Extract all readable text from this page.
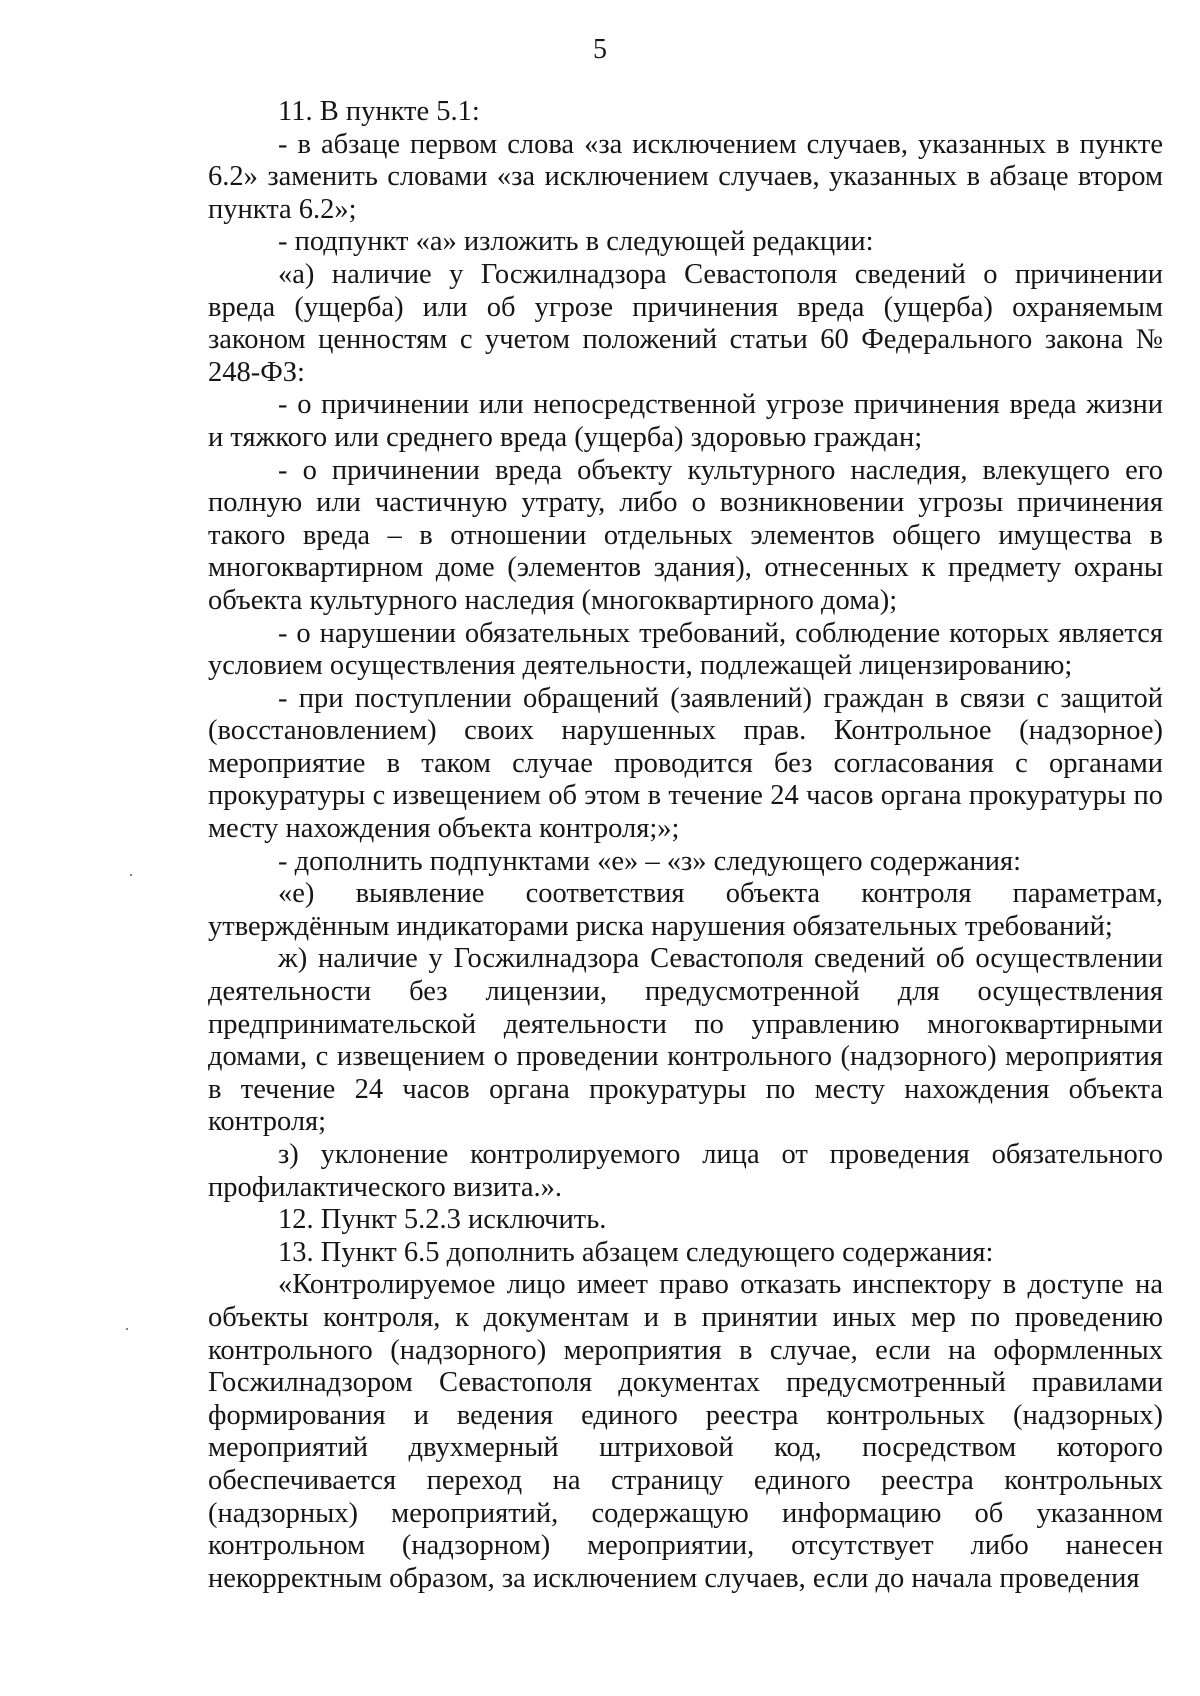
5

11. В пункте 5.1:

- в абзаце первом слова «за исключением случаев, указанных в пункте 6.2» заменить словами «за исключением случаев, указанных в абзаце втором пункта 6.2»;

- подпункт «а» изложить в следующей редакции:

«а) наличие у Госжилнадзора Севастополя сведений о причинении вреда (ущерба) или об угрозе причинения вреда (ущерба) охраняемым законом ценностям с учетом положений статьи 60 Федерального закона № 248-ФЗ:

- о причинении или непосредственной угрозе причинения вреда жизни и тяжкого или среднего вреда (ущерба) здоровью граждан;

- о причинении вреда объекту культурного наследия, влекущего его полную или частичную утрату, либо о возникновении угрозы причинения такого вреда – в отношении отдельных элементов общего имущества в многоквартирном доме (элементов здания), отнесенных к предмету охраны объекта культурного наследия (многоквартирного дома);

- о нарушении обязательных требований, соблюдение которых является условием осуществления деятельности, подлежащей лицензированию;

- при поступлении обращений (заявлений) граждан в связи с защитой (восстановлением) своих нарушенных прав. Контрольное (надзорное) мероприятие в таком случае проводится без согласования с органами прокуратуры с извещением об этом в течение 24 часов органа прокуратуры по месту нахождения объекта контроля;»;

- дополнить подпунктами «е» – «з» следующего содержания:

«е) выявление соответствия объекта контроля параметрам, утверждённым индикаторами риска нарушения обязательных требований;

ж) наличие у Госжилнадзора Севастополя сведений об осуществлении деятельности без лицензии, предусмотренной для осуществления предпринимательской деятельности по управлению многоквартирными домами, с извещением о проведении контрольного (надзорного) мероприятия в течение 24 часов органа прокуратуры по месту нахождения объекта контроля;

з) уклонение контролируемого лица от проведения обязательного профилактического визита.».

12. Пункт 5.2.3 исключить.

13. Пункт 6.5 дополнить абзацем следующего содержания:

«Контролируемое лицо имеет право отказать инспектору в доступе на объекты контроля, к документам и в принятии иных мер по проведению контрольного (надзорного) мероприятия в случае, если на оформленных Госжилнадзором Севастополя документах предусмотренный правилами формирования и ведения единого реестра контрольных (надзорных) мероприятий двухмерный штриховой код, посредством которого обеспечивается переход на страницу единого реестра контрольных (надзорных) мероприятий, содержащую информацию об указанном контрольном (надзорном) мероприятии, отсутствует либо нанесен некорректным образом, за исключением случаев, если до начала проведения
